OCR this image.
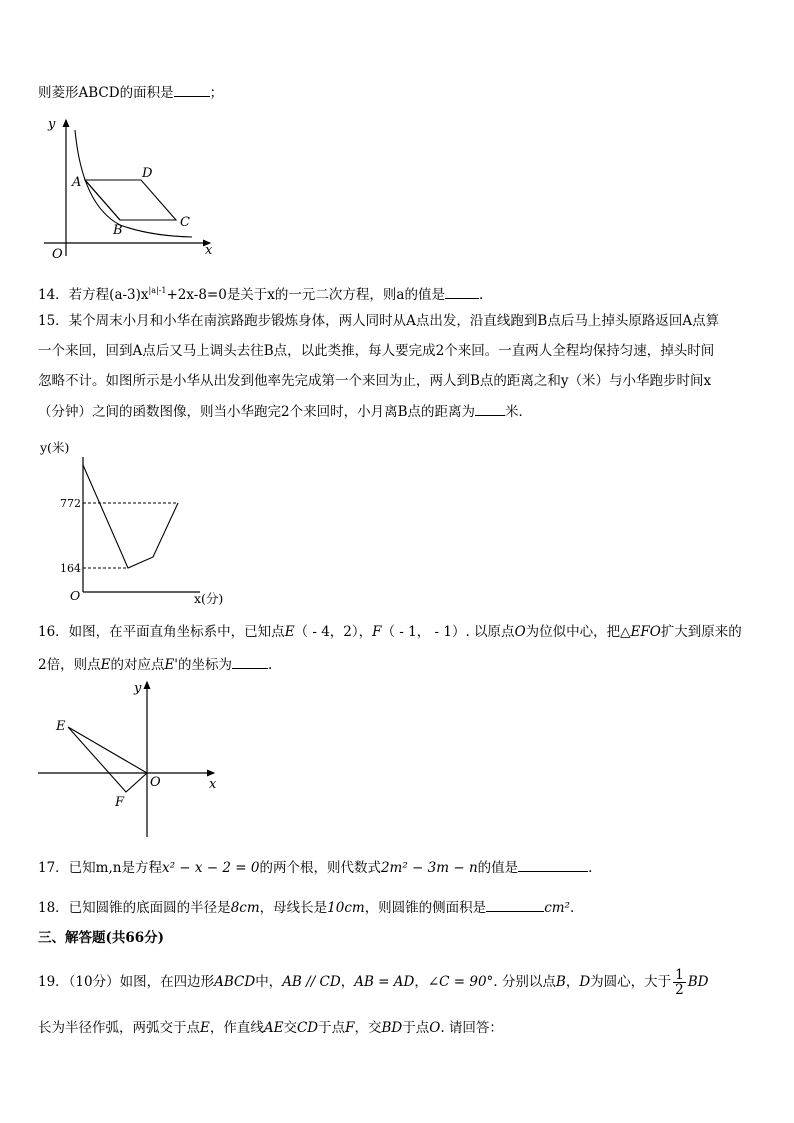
则菱形ABCD的面积是	；
y
x
O
A
D
C
B
14．若方程$(a-3)x^{|a|-1}+2x-8=0$是关于x的一元二次方程，则a的值是	.
15．某个周末小月和小华在南滨路跑步锻炼身体，两人同时从A点出发，沿直线跑到B点后马上掉头原路返回A点算
一个来回，回到A点后又马上调头去往B点，以此类推，每人要完成2个来回。一直两人全程均保持匀速，掉头时间
忽略不计。如图所示是小华从出发到他率先完成第一个来回为止，两人到B点的距离之和y（米）与小华跑步时间x
（分钟）之间的函数图像，则当小华跑完2个来回时，小月离B点的距离为 米．
y(米)
x(分)
O
772
164
16．如图，在平面直角坐标系中，已知点E（ - 4，2），F（ - 1， - 1）. 以原点O为位似中心，把△EFO扩大到原来的
2倍，则点E的对应点E'的坐标为	.
y
x
O
E
F
17．已知m,n是方程x² − x − 2 = 0的两个根，则代数式2m² − 3m − n的值是	.
18．已知圆锥的底面圆的半径是8cm，母线长是10cm，则圆锥的侧面积是	cm².
三、解答题(共66分)
19．（10分）如图，在四边形ABCD中，AB // CD，AB = AD，∠C = 90°. 分别以点B，D为圆心，大于 $\frac{1}{2}$ BD
长为半径作弧，两弧交于点E，作直线AE交CD于点F，交BD于点O. 请回答：
